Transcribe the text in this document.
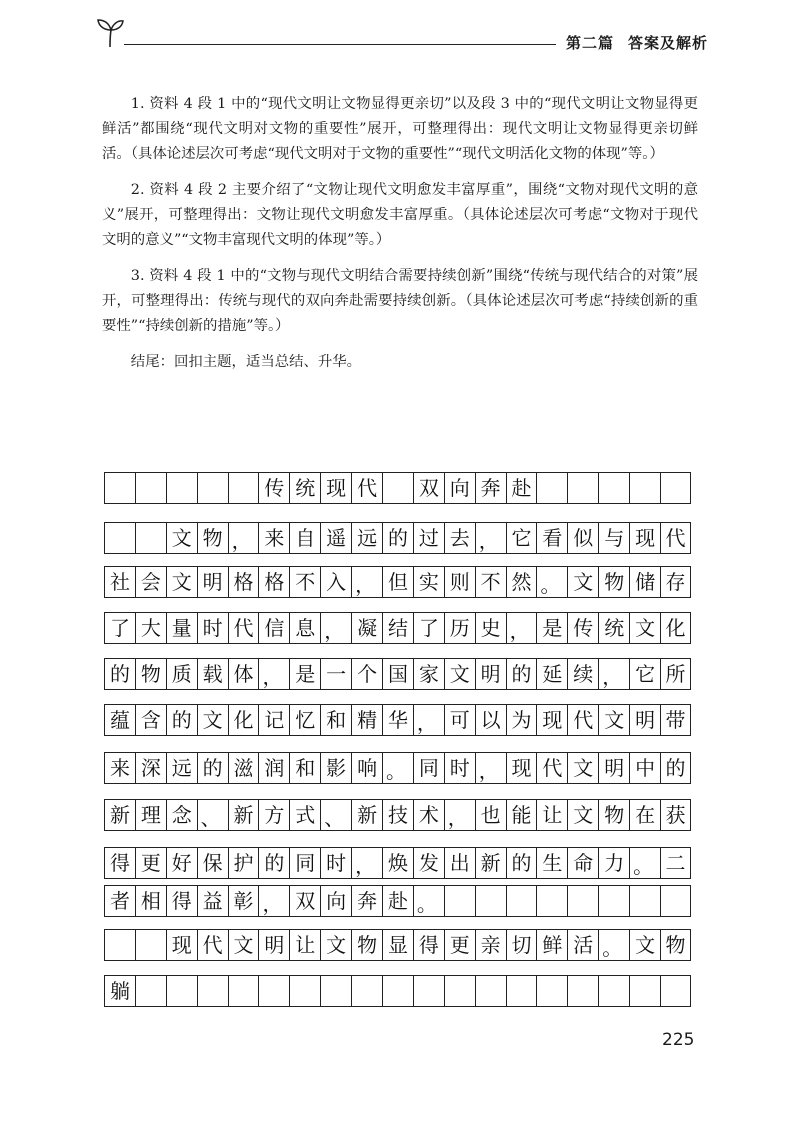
第二篇 答案及解析

1. 资料 4 段 1 中的“现代文明让文物显得更亲切”以及段 3 中的“现代文明让文物显得更鲜活”都围绕“现代文明对文物的重要性”展开，可整理得出：现代文明让文物显得更亲切鲜活。（具体论述层次可考虑“现代文明对于文物的重要性”“现代文明活化文物的体现”等。）

2. 资料 4 段 2 主要介绍了“文物让现代文明愈发丰富厚重”，围绕“文物对现代文明的意义”展开，可整理得出：文物让现代文明愈发丰富厚重。（具体论述层次可考虑“文物对于现代文明的意义”“文物丰富现代文明的体现”等。）

3. 资料 4 段 1 中的“文物与现代文明结合需要持续创新”围绕“传统与现代结合的对策”展开，可整理得出：传统与现代的双向奔赴需要持续创新。（具体论述层次可考虑“持续创新的重要性”“持续创新的措施”等。）

结尾：回扣主题，适当总结、升华。

传 统 现 代 双 向 奔 赴
文 物 ， 来 自 遥 远 的 过 去 ， 它 看 似 与 现 代
社 会 文 明 格 格 不 入 ， 但 实 则 不 然 。 文 物 储 存
了 大 量 时 代 信 息 ， 凝 结 了 历 史 ， 是 传 统 文 化
的 物 质 载 体 ， 是 一 个 国 家 文 明 的 延 续 ， 它 所
蕴 含 的 文 化 记 忆 和 精 华 ， 可 以 为 现 代 文 明 带
来 深 远 的 滋 润 和 影 响 。 同 时 ， 现 代 文 明 中 的
新 理 念 、 新 方 式 、 新 技 术 ， 也 能 让 文 物 在 获
得 更 好 保 护 的 同 时 ， 焕 发 出 新 的 生 命 力 。 二
者 相 得 益 彰 ， 双 向 奔 赴 。
现 代 文 明 让 文 物 显 得 更 亲 切 鲜 活 。 文 物
躺
225
